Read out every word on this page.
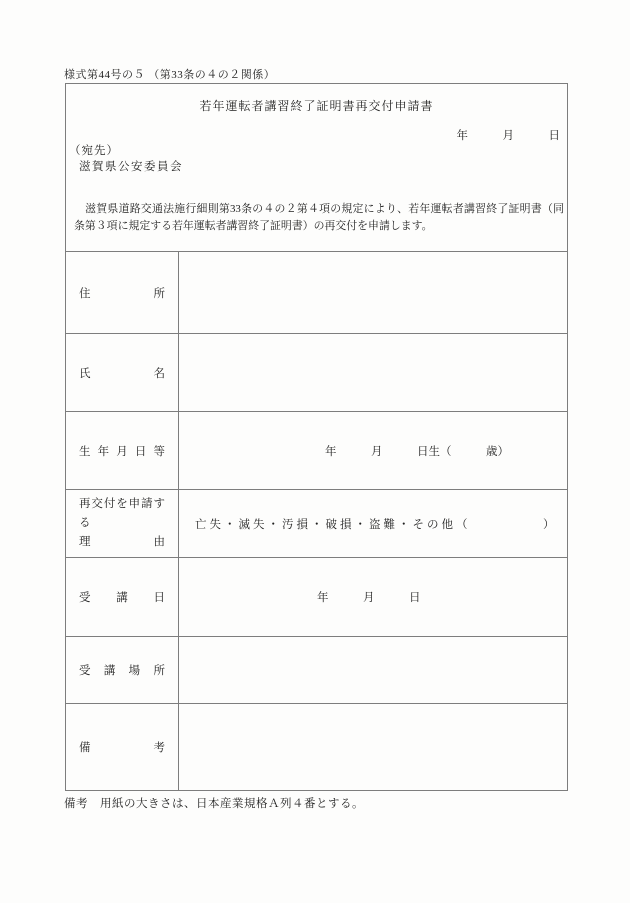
様式第44号の５ （第33条の４の２関係）
若年運転者講習終了証明書再交付申請書
年　　　月　　　日
（宛先）
滋賀県公安委員会
　滋賀県道路交通法施行細則第33条の４の２第４項の規定により、若年運転者講習終了証明書（同条第３項に規定する若年運転者講習終了証明書）の再交付を申請します。
住所
氏名
生年月日等	年　　　月　　　日生（　　　歳）
再交付を申請する
理由
亡失・滅失・汚損・破損・盗難・その他（　　　　　）
受講日	年　　　月　　　日
受講場所
備考
備考　用紙の大きさは、日本産業規格Ａ列４番とする。
